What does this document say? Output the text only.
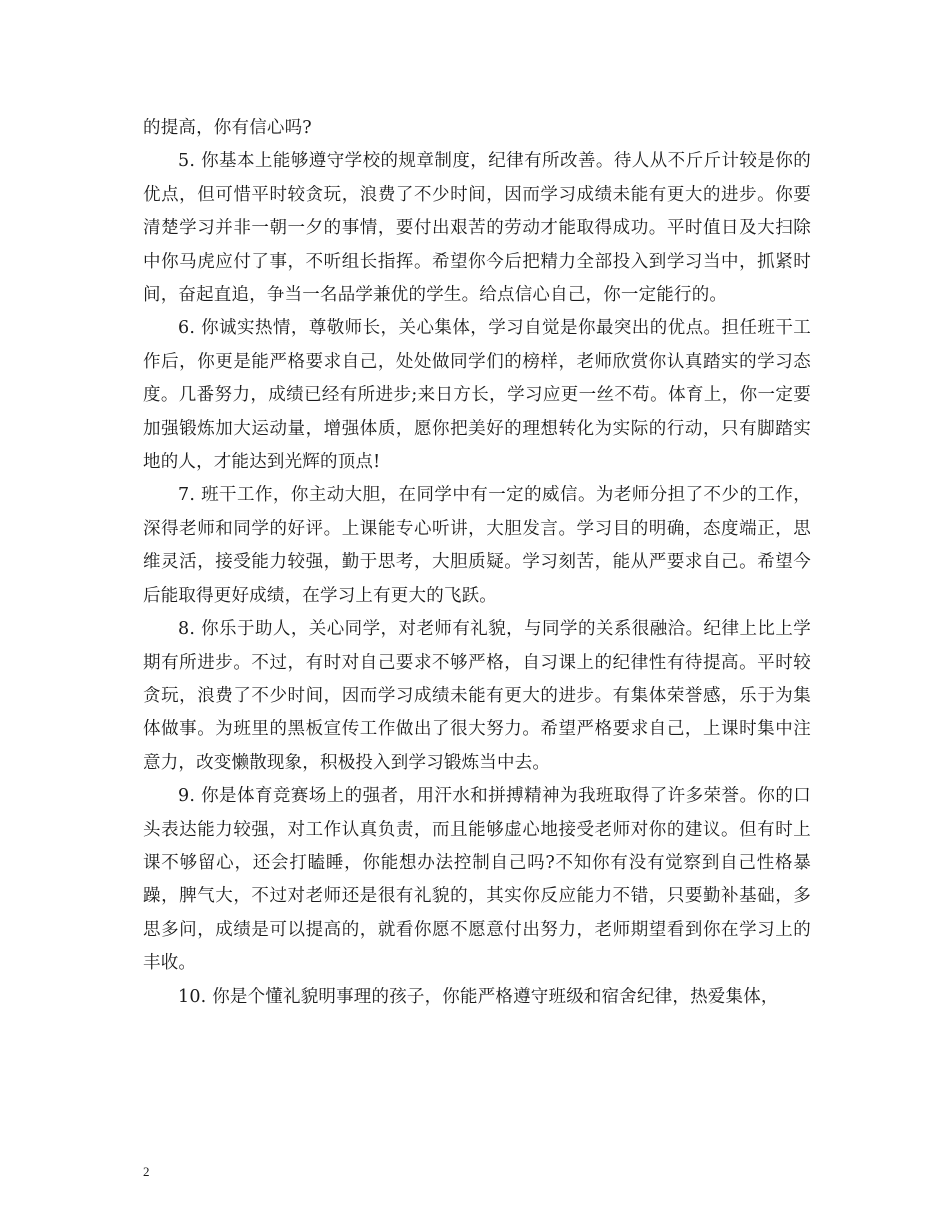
的提高，你有信心吗?

5. 你基本上能够遵守学校的规章制度，纪律有所改善。待人从不斤斤计较是你的优点，但可惜平时较贪玩，浪费了不少时间，因而学习成绩未能有更大的进步。你要清楚学习并非一朝一夕的事情，要付出艰苦的劳动才能取得成功。平时值日及大扫除中你马虎应付了事，不听组长指挥。希望你今后把精力全部投入到学习当中，抓紧时间，奋起直追，争当一名品学兼优的学生。给点信心自己，你一定能行的。

6. 你诚实热情，尊敬师长，关心集体，学习自觉是你最突出的优点。担任班干工作后，你更是能严格要求自己，处处做同学们的榜样，老师欣赏你认真踏实的学习态度。几番努力，成绩已经有所进步;来日方长，学习应更一丝不苟。体育上，你一定要加强锻炼加大运动量，增强体质，愿你把美好的理想转化为实际的行动，只有脚踏实地的人，才能达到光辉的顶点!

7. 班干工作，你主动大胆，在同学中有一定的威信。为老师分担了不少的工作，深得老师和同学的好评。上课能专心听讲，大胆发言。学习目的明确，态度端正，思维灵活，接受能力较强，勤于思考，大胆质疑。学习刻苦，能从严要求自己。希望今后能取得更好成绩，在学习上有更大的飞跃。

8. 你乐于助人，关心同学，对老师有礼貌，与同学的关系很融洽。纪律上比上学期有所进步。不过，有时对自己要求不够严格，自习课上的纪律性有待提高。平时较贪玩，浪费了不少时间，因而学习成绩未能有更大的进步。有集体荣誉感，乐于为集体做事。为班里的黑板宣传工作做出了很大努力。希望严格要求自己，上课时集中注意力，改变懒散现象，积极投入到学习锻炼当中去。

9. 你是体育竞赛场上的强者，用汗水和拼搏精神为我班取得了许多荣誉。你的口头表达能力较强，对工作认真负责，而且能够虚心地接受老师对你的建议。但有时上课不够留心，还会打瞌睡，你能想办法控制自己吗?不知你有没有觉察到自己性格暴躁，脾气大，不过对老师还是很有礼貌的，其实你反应能力不错，只要勤补基础，多思多问，成绩是可以提高的，就看你愿不愿意付出努力，老师期望看到你在学习上的丰收。

10. 你是个懂礼貌明事理的孩子，你能严格遵守班级和宿舍纪律，热爱集体，

2
